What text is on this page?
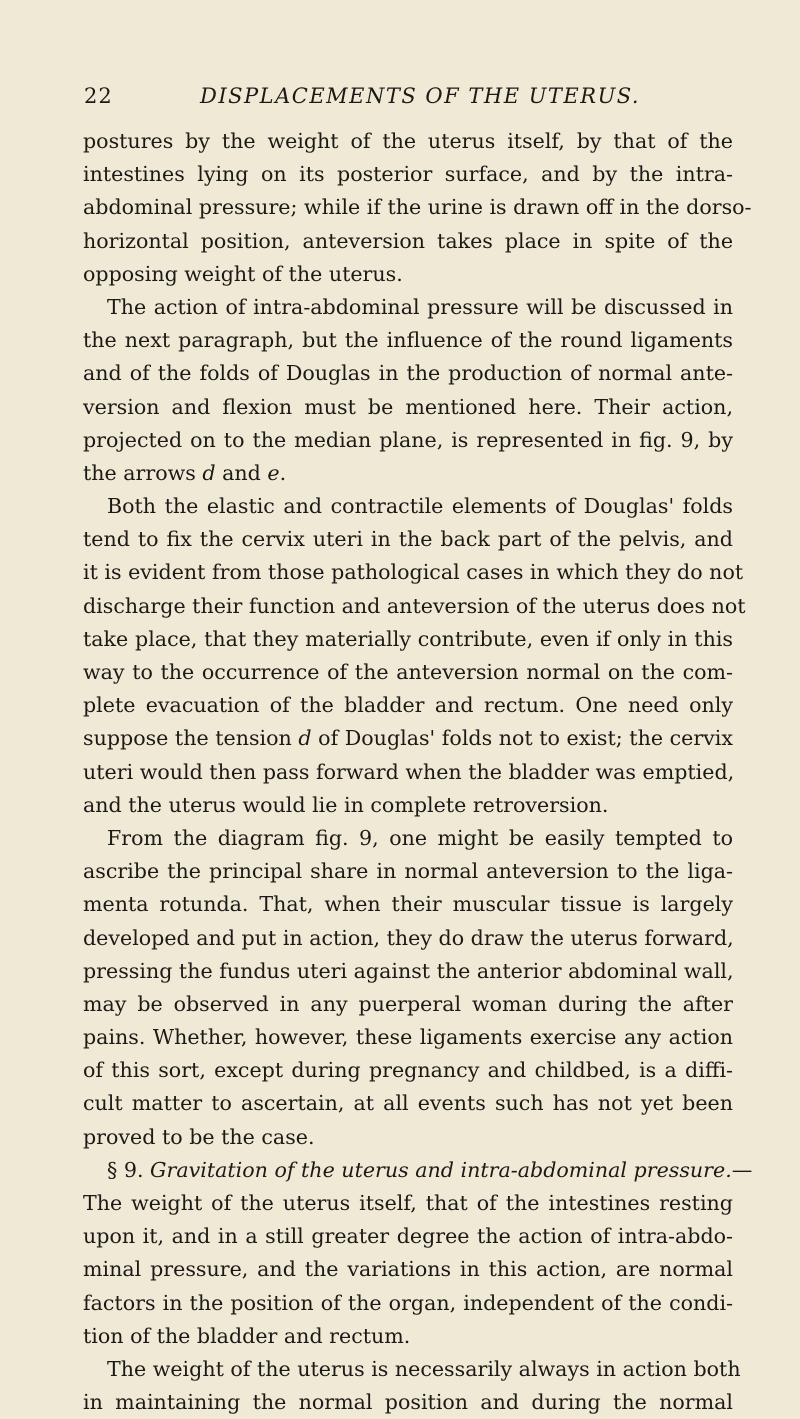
22	DISPLACEMENTS OF THE UTERUS.
postures by the weight of the uterus itself, by that of the
intestines lying on its posterior surface, and by the intra-
abdominal pressure; while if the urine is drawn off in the dorso-
horizontal position, anteversion takes place in spite of the
opposing weight of the uterus.
The action of intra-abdominal pressure will be discussed in
the next paragraph, but the influence of the round ligaments
and of the folds of Douglas in the production of normal ante-
version and flexion must be mentioned here. Their action,
projected on to the median plane, is represented in fig. 9, by
the arrows d and e.
Both the elastic and contractile elements of Douglas' folds
tend to fix the cervix uteri in the back part of the pelvis, and
it is evident from those pathological cases in which they do not
discharge their function and anteversion of the uterus does not
take place, that they materially contribute, even if only in this
way to the occurrence of the anteversion normal on the com-
plete evacuation of the bladder and rectum. One need only
suppose the tension d of Douglas' folds not to exist; the cervix
uteri would then pass forward when the bladder was emptied,
and the uterus would lie in complete retroversion.
From the diagram fig. 9, one might be easily tempted to
ascribe the principal share in normal anteversion to the liga-
menta rotunda. That, when their muscular tissue is largely
developed and put in action, they do draw the uterus forward,
pressing the fundus uteri against the anterior abdominal wall,
may be observed in any puerperal woman during the after
pains. Whether, however, these ligaments exercise any action
of this sort, except during pregnancy and childbed, is a diffi-
cult matter to ascertain, at all events such has not yet been
proved to be the case.
§ 9. Gravitation of the uterus and intra-abdominal pressure.—
The weight of the uterus itself, that of the intestines resting
upon it, and in a still greater degree the action of intra-abdo-
minal pressure, and the variations in this action, are normal
factors in the position of the organ, independent of the condi-
tion of the bladder and rectum.
The weight of the uterus is necessarily always in action both
in maintaining the normal position and during the normal
